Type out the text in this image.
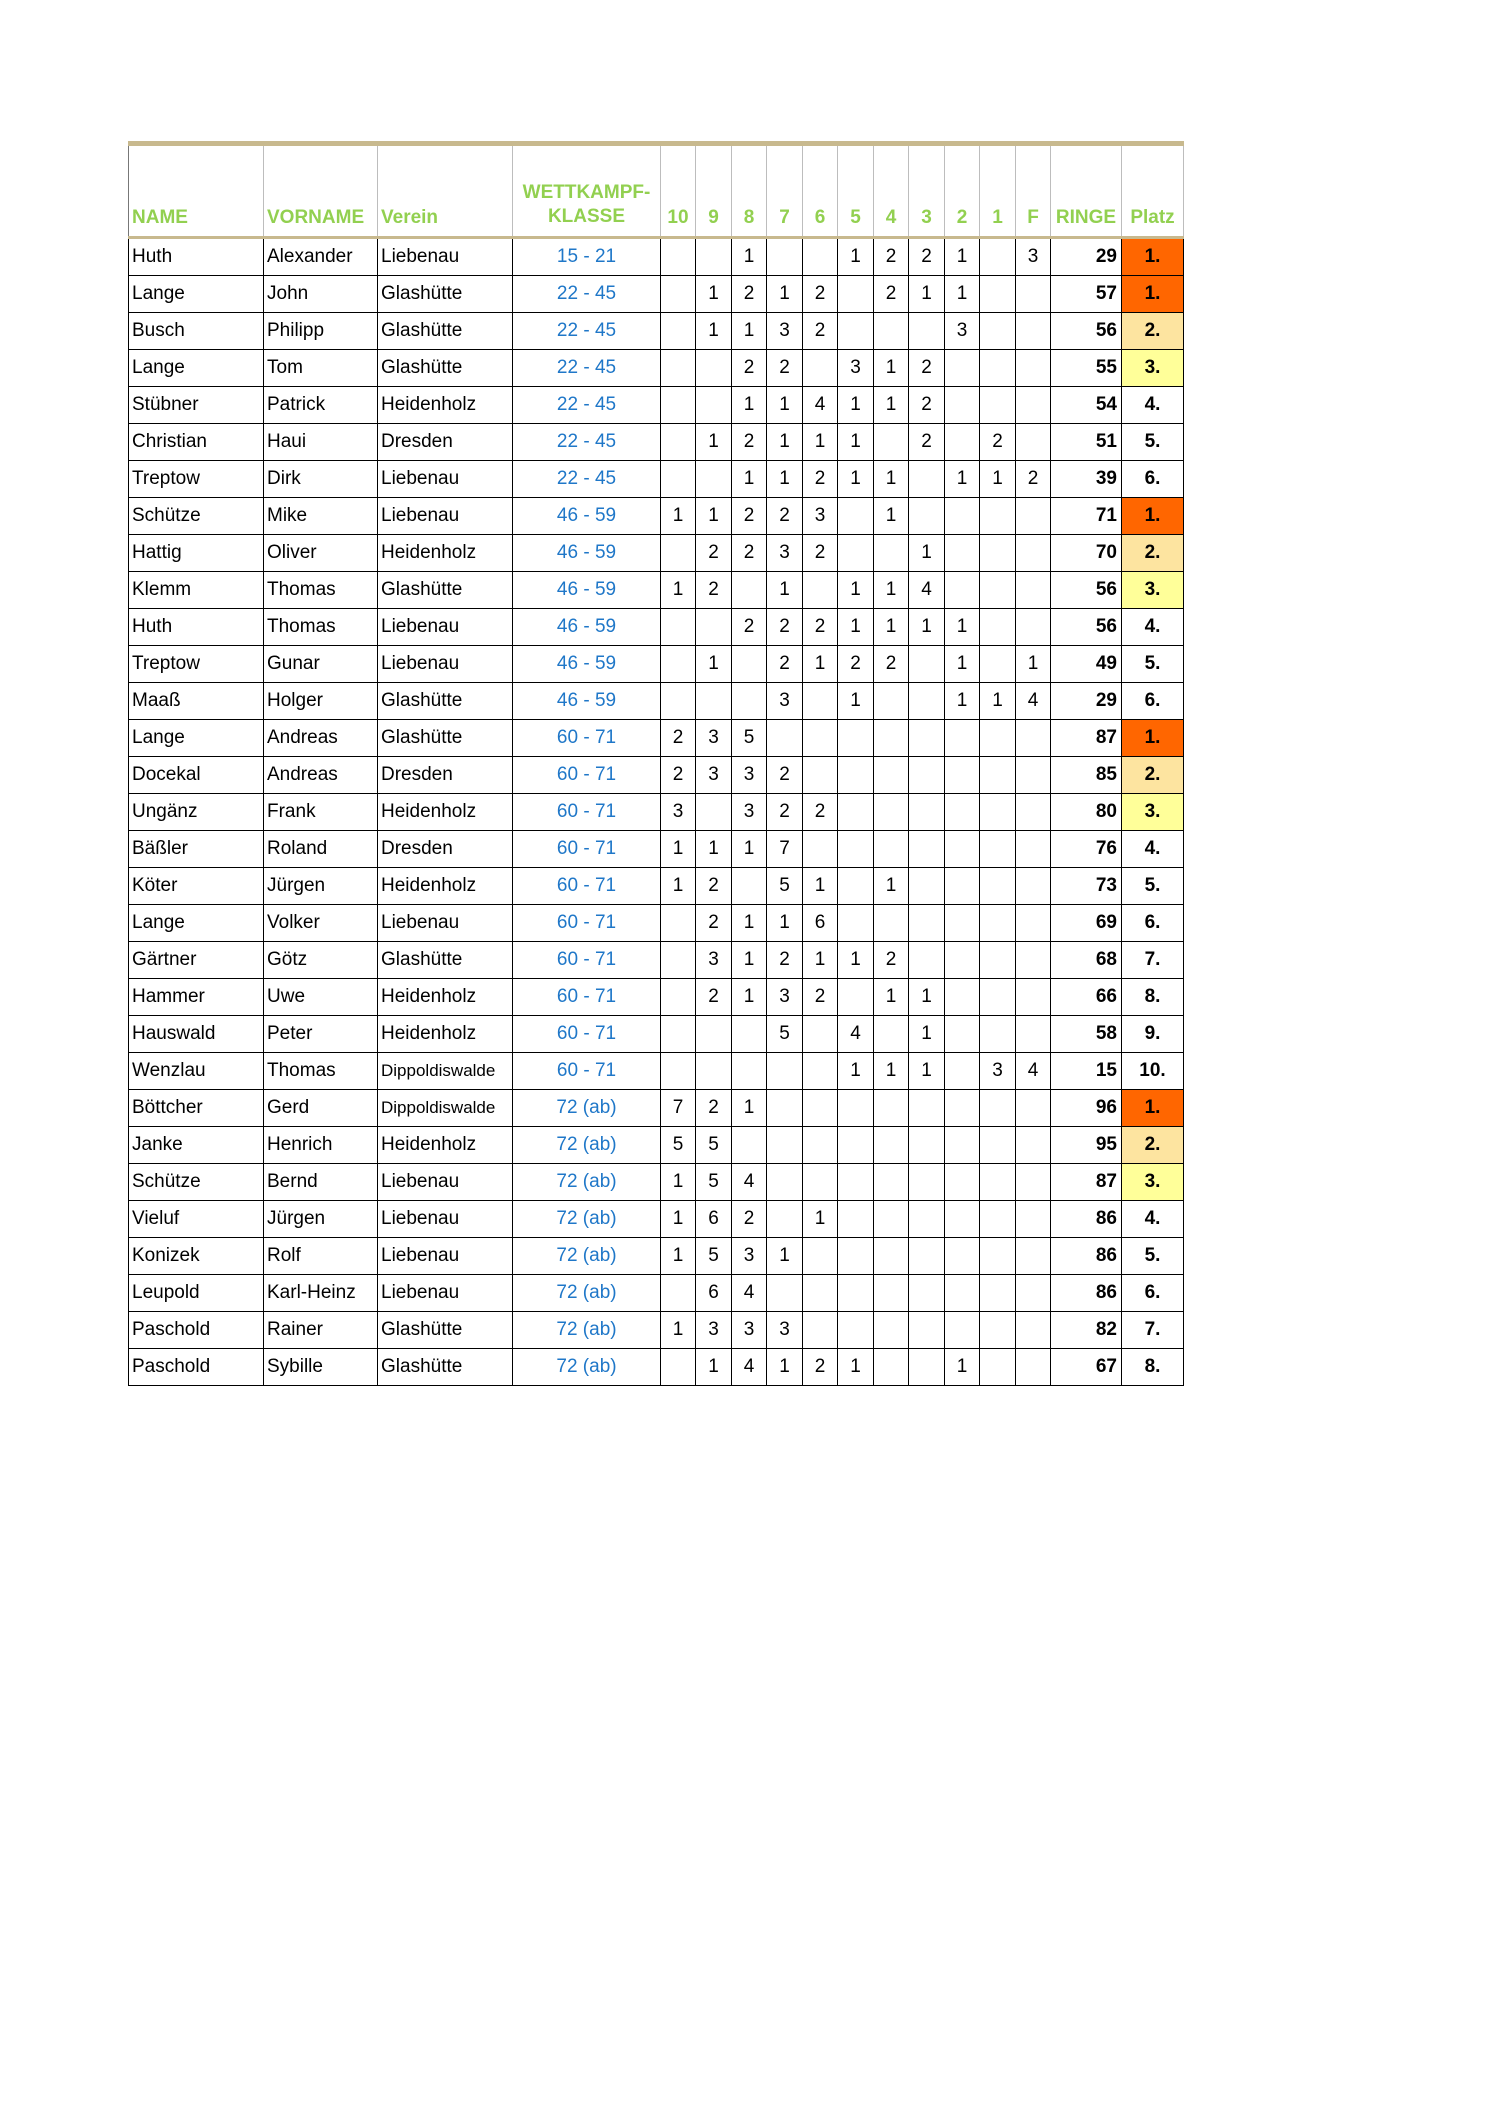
NAME	VORNAME	Verein	WETTKAMPF-
KLASSE	10	9	8	7	6	5	4	3	2	1	F	RINGE	Platz
Huth	Alexander	Liebenau	15 - 21			1			1	2	2	1		3	29	1.
Lange	John	Glashütte	22 - 45		1	2	1	2		2	1	1			57	1.
Busch	Philipp	Glashütte	22 - 45		1	1	3	2				3			56	2.
Lange	Tom	Glashütte	22 - 45			2	2		3	1	2				55	3.
Stübner	Patrick	Heidenholz	22 - 45			1	1	4	1	1	2				54	4.
Christian	Haui	Dresden	22 - 45		1	2	1	1	1		2		2		51	5.
Treptow	Dirk	Liebenau	22 - 45			1	1	2	1	1		1	1	2	39	6.
Schütze	Mike	Liebenau	46 - 59	1	1	2	2	3		1					71	1.
Hattig	Oliver	Heidenholz	46 - 59		2	2	3	2			1				70	2.
Klemm	Thomas	Glashütte	46 - 59	1	2		1		1	1	4				56	3.
Huth	Thomas	Liebenau	46 - 59			2	2	2	1	1	1	1			56	4.
Treptow	Gunar	Liebenau	46 - 59		1		2	1	2	2		1		1	49	5.
Maaß	Holger	Glashütte	46 - 59				3		1			1	1	4	29	6.
Lange	Andreas	Glashütte	60 - 71	2	3	5									87	1.
Docekal	Andreas	Dresden	60 - 71	2	3	3	2								85	2.
Ungänz	Frank	Heidenholz	60 - 71	3		3	2	2							80	3.
Bäßler	Roland	Dresden	60 - 71	1	1	1	7								76	4.
Köter	Jürgen	Heidenholz	60 - 71	1	2		5	1		1					73	5.
Lange	Volker	Liebenau	60 - 71		2	1	1	6							69	6.
Gärtner	Götz	Glashütte	60 - 71		3	1	2	1	1	2					68	7.
Hammer	Uwe	Heidenholz	60 - 71		2	1	3	2		1	1				66	8.
Hauswald	Peter	Heidenholz	60 - 71				5		4		1				58	9.
Wenzlau	Thomas	Dippoldiswalde	60 - 71						1	1	1		3	4	15	10.
Böttcher	Gerd	Dippoldiswalde	72 (ab)	7	2	1									96	1.
Janke	Henrich	Heidenholz	72 (ab)	5	5										95	2.
Schütze	Bernd	Liebenau	72 (ab)	1	5	4									87	3.
Vieluf	Jürgen	Liebenau	72 (ab)	1	6	2		1							86	4.
Konizek	Rolf	Liebenau	72 (ab)	1	5	3	1								86	5.
Leupold	Karl-Heinz	Liebenau	72 (ab)		6	4									86	6.
Paschold	Rainer	Glashütte	72 (ab)	1	3	3	3								82	7.
Paschold	Sybille	Glashütte	72 (ab)		1	4	1	2	1			1			67	8.
